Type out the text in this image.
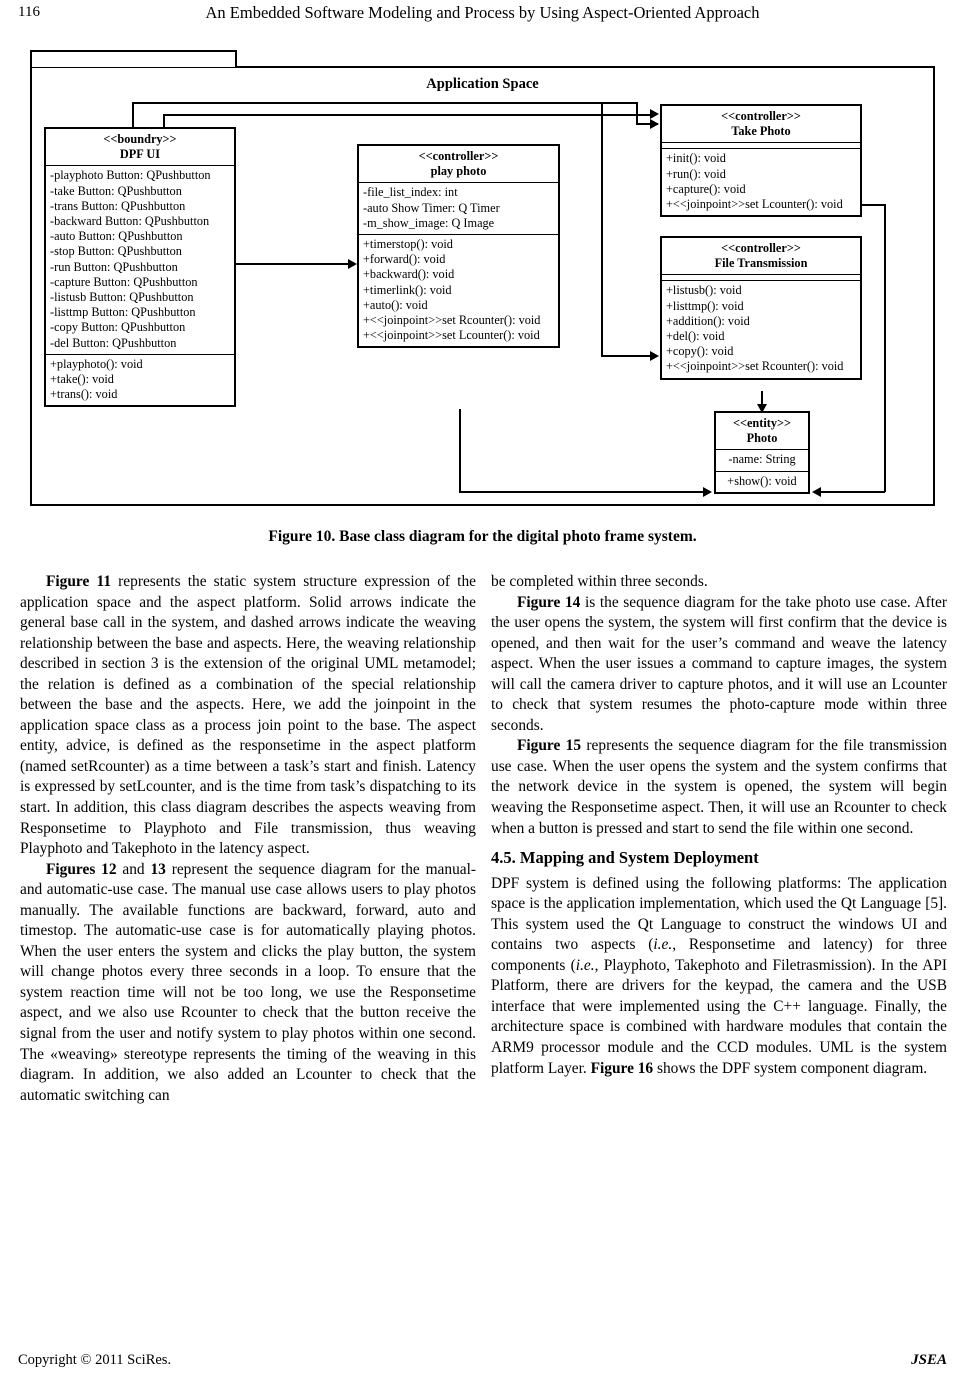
116	An Embedded Software Modeling and Process by Using Aspect-Oriented Approach
Application Space
<<boundry>>
DPF UI
-playphoto Button: QPushbutton
-take Button: QPushbutton
-trans Button: QPushbutton
-backward Button: QPushbutton
-auto Button: QPushbutton
-stop Button: QPushbutton
-run Button: QPushbutton
-capture Button: QPushbutton
-listusb Button: QPushbutton
-listtmp Button: QPushbutton
-copy Button: QPushbutton
-del Button: QPushbutton
+playphoto(): void
+take(): void
+trans(): void
<<controller>>
play photo
-file_list_index: int
-auto Show Timer: Q Timer
-m_show_image: Q Image
+timerstop(): void
+forward(): void
+backward(): void
+timerlink(): void
+auto(): void
+<<joinpoint>>set Rcounter(): void
+<<joinpoint>>set Lcounter(): void
<<controller>>
Take Photo
+init(): void
+run(): void
+capture(): void
+<<joinpoint>>set Lcounter(): void
<<controller>>
File Transmission
+listusb(): void
+listtmp(): void
+addition(): void
+del(): void
+copy(): void
+<<joinpoint>>set Rcounter(): void
<<entity>>
Photo
-name: String
+show(): void
Figure 10. Base class diagram for the digital photo frame system.

Figure 11 represents the static system structure expression of the application space and the aspect platform. Solid arrows indicate the general base call in the system, and dashed arrows indicate the weaving relationship between the base and aspects. Here, the weaving relationship described in section 3 is the extension of the original UML metamodel; the relation is defined as a combination of the special relationship between the base and the aspects. Here, we add the joinpoint in the application space class as a process join point to the base. The aspect entity, advice, is defined as the responsetime in the aspect platform (named setRcounter) as a time between a task’s start and finish. Latency is expressed by setLcounter, and is the time from task’s dispatching to its start. In addition, this class diagram describes the aspects weaving from Responsetime to Playphoto and File transmission, thus weaving Playphoto and Takephoto in the latency aspect.

Figures 12 and 13 represent the sequence diagram for the manual- and automatic-use case. The manual use case allows users to play photos manually. The available functions are backward, forward, auto and timestop. The automatic-use case is for automatically playing photos. When the user enters the system and clicks the play button, the system will change photos every three seconds in a loop. To ensure that the system reaction time will not be too long, we use the Responsetime aspect, and we also use Rcounter to check that the button receive the signal from the user and notify system to play photos within one second. The «weaving» stereotype represents the timing of the weaving in this diagram. In addition, we also added an Lcounter to check that the automatic switching can

be completed within three seconds.

Figure 14 is the sequence diagram for the take photo use case. After the user opens the system, the system will first confirm that the device is opened, and then wait for the user’s command and weave the latency aspect. When the user issues a command to capture images, the system will call the camera driver to capture photos, and it will use an Lcounter to check that system resumes the photo-capture mode within three seconds.

Figure 15 represents the sequence diagram for the file transmission use case. When the user opens the system and the system confirms that the network device in the system is opened, the system will begin weaving the Responsetime aspect. Then, it will use an Rcounter to check when a button is pressed and start to send the file within one second.

4.5. Mapping and System Deployment

DPF system is defined using the following platforms: The application space is the application implementation, which used the Qt Language [5]. This system used the Qt Language to construct the windows UI and contains two aspects (i.e., Responsetime and latency) for three components (i.e., Playphoto, Takephoto and Filetrasmission). In the API Platform, there are drivers for the keypad, the camera and the USB interface that were implemented using the C++ language. Finally, the architecture space is combined with hardware modules that contain the ARM9 processor module and the CCD modules. UML is the system platform Layer. Figure 16 shows the DPF system component diagram.

Copyright © 2011 SciRes.	JSEA
